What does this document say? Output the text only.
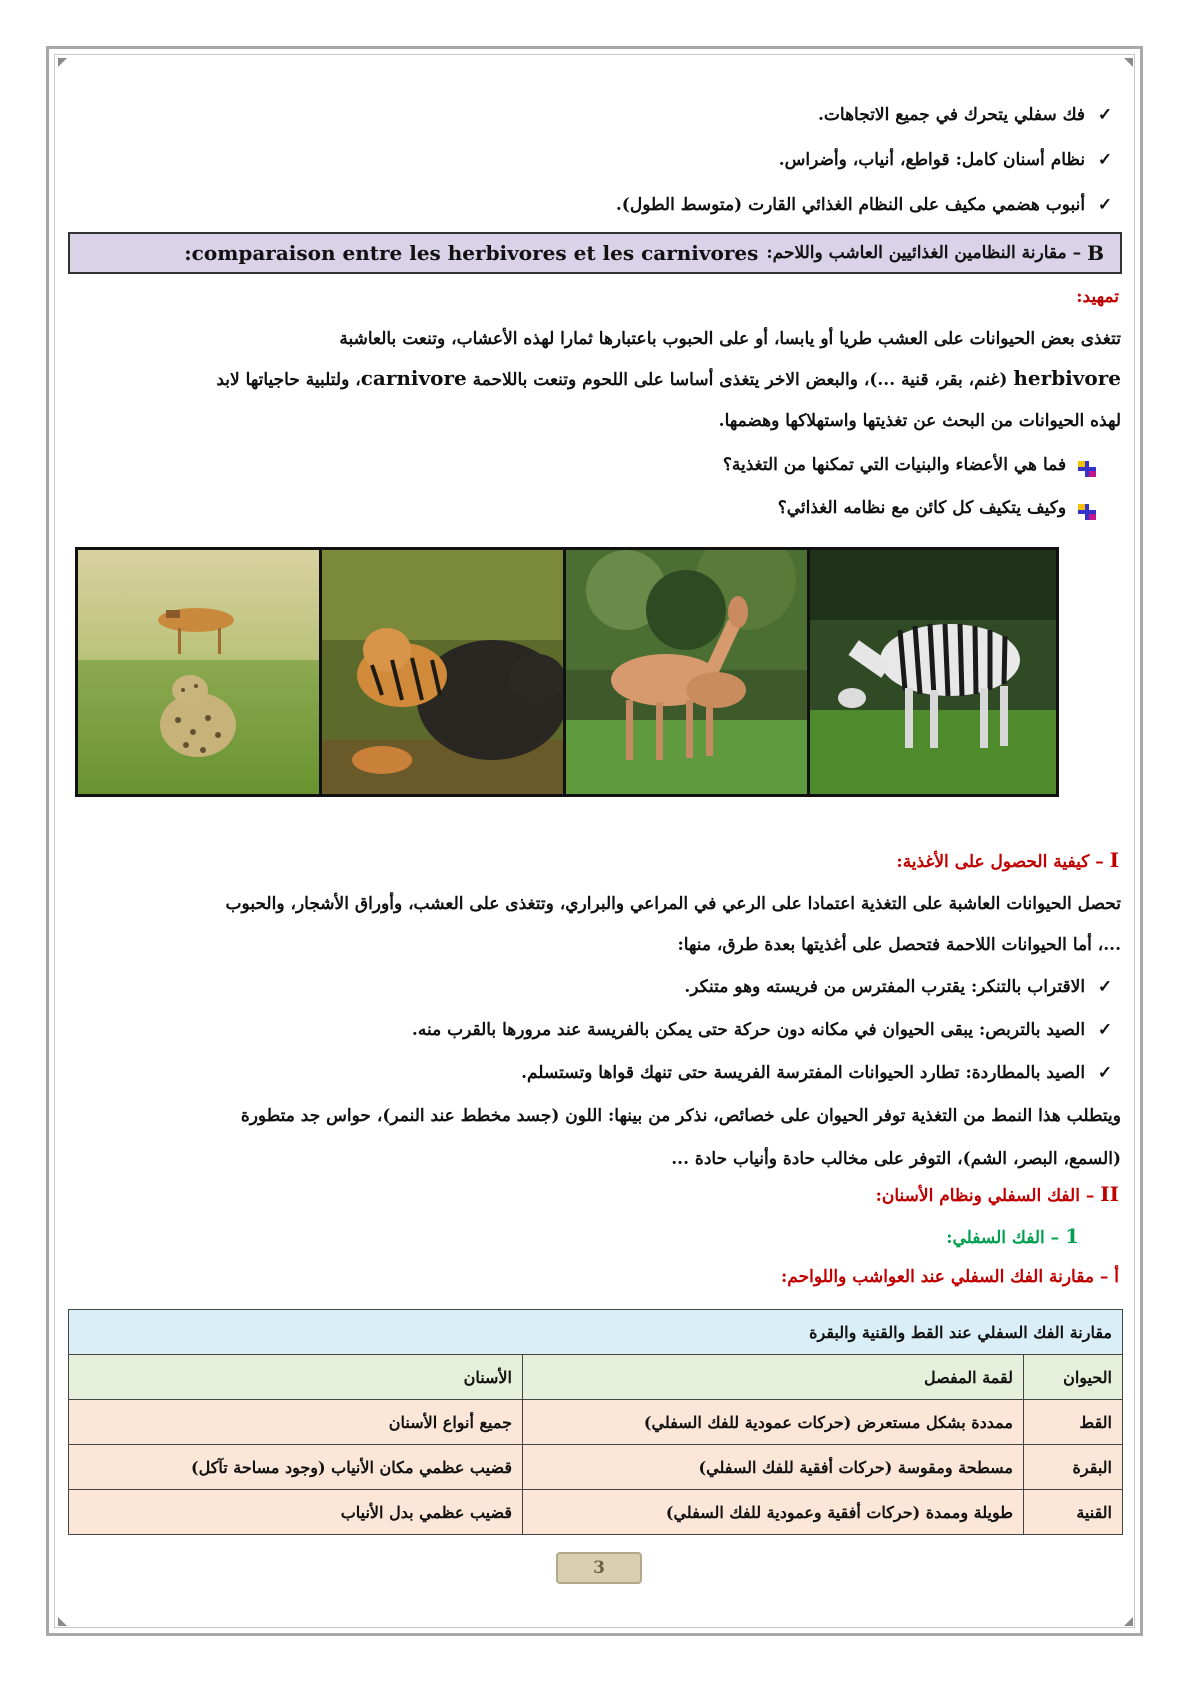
✓ فك سفلي يتحرك في جميع الاتجاهات.
✓ نظام أسنان كامل: قواطع، أنياب، وأضراس.
✓ أنبوب هضمي مكيف على النظام الغذائي القارت (متوسط الطول).
B
–
مقارنة النظامين الغذائيين العاشب واللاحم:
comparaison entre les herbivores et les carnivores
:
تمهيد:
تتغذى بعض الحيوانات على العشب طريا أو يابسا، أو على الحبوب باعتبارها ثمارا لهذه الأعشاب، وتنعت بالعاشبة
herbivore (غنم، بقر، قنية ...)، والبعض الاخر يتغذى أساسا على اللحوم وتنعت باللاحمة carnivore، ولتلبية حاجياتها لابد
لهذه الحيوانات من البحث عن تغذيتها واستهلاكها وهضمها.
فما هي الأعضاء والبنيات التي تمكنها من التغذية؟
وكيف يتكيف كل كائن مع نظامه الغذائي؟
I – كيفية الحصول على الأغذية:
تحصل الحيوانات العاشبة على التغذية اعتمادا على الرعي في المراعي والبراري، وتتغذى على العشب، وأوراق الأشجار، والحبوب
...، أما الحيوانات اللاحمة فتحصل على أغذيتها بعدة طرق، منها:
✓ الاقتراب بالتنكر: يقترب المفترس من فريسته وهو متنكر.
✓ الصيد بالتربص: يبقى الحيوان في مكانه دون حركة حتى يمكن بالفريسة عند مرورها بالقرب منه.
✓ الصيد بالمطاردة: تطارد الحيوانات المفترسة الفريسة حتى تنهك قواها وتستسلم.
ويتطلب هذا النمط من التغذية توفر الحيوان على خصائص، نذكر من بينها: اللون (جسد مخطط عند النمر)، حواس جد متطورة
(السمع، البصر، الشم)، التوفر على مخالب حادة وأنياب حادة ...
II – الفك السفلي ونظام الأسنان:
1 – الفك السفلي:
أ – مقارنة الفك السفلي عند العواشب واللواحم:
مقارنة الفك السفلي عند القط والقنية والبقرة		
الحيوان	لقمة المفصل	الأسنان
القط	ممددة بشكل مستعرض (حركات عمودية للفك السفلي)	جميع أنواع الأسنان
البقرة	مسطحة ومقوسة (حركات أفقية للفك السفلي)	قضيب عظمي مكان الأنياب (وجود مساحة تآكل)
القنية	طويلة وممدة (حركات أفقية وعمودية للفك السفلي)	قضيب عظمي بدل الأنياب
3
